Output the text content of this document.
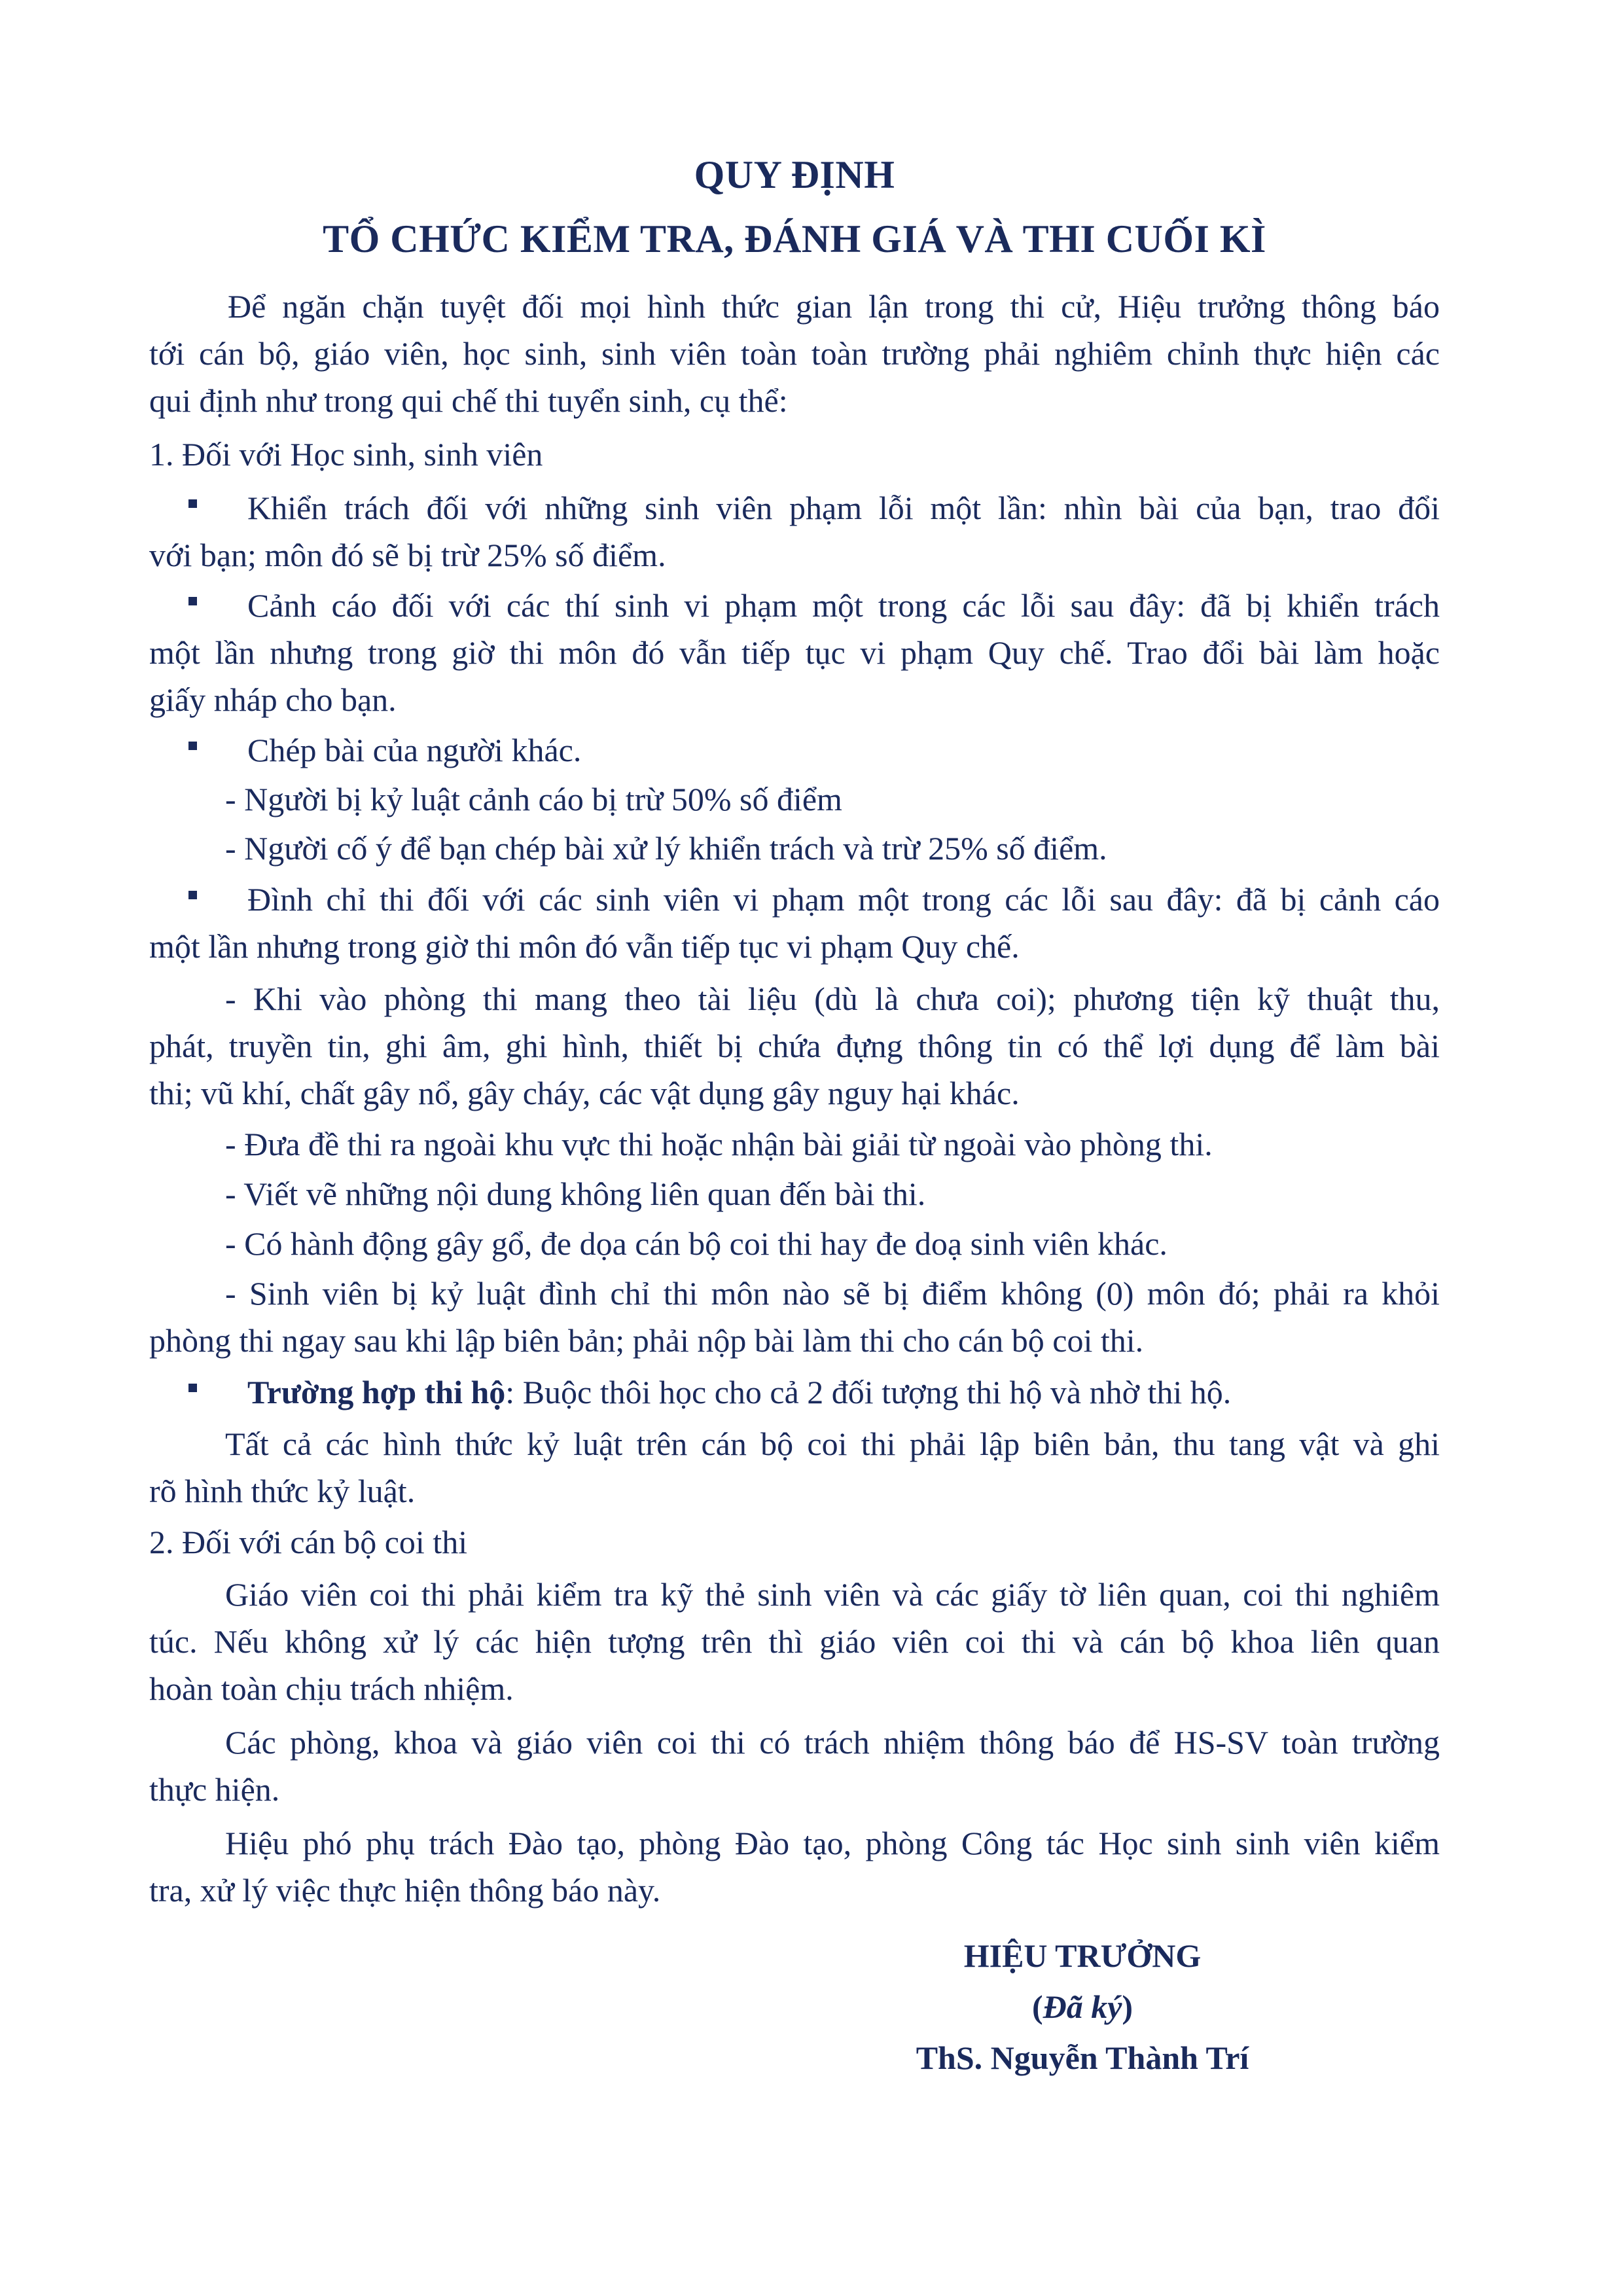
QUY ĐỊNH
TỔ CHỨC KIỂM TRA, ĐÁNH GIÁ VÀ THI CUỐI KÌ
Để ngăn chặn tuyệt đối mọi hình thức gian lận trong thi cử, Hiệu trưởng thông báo
tới cán bộ, giáo viên, học sinh, sinh viên toàn toàn trường phải nghiêm chỉnh thực hiện các
qui định như trong qui chế thi tuyển sinh, cụ thể:
1. Đối với Học sinh, sinh viên
Khiển trách đối với những sinh viên phạm lỗi một lần: nhìn bài của bạn, trao đổi
với bạn; môn đó sẽ bị trừ 25% số điểm.
Cảnh cáo đối với các thí sinh vi phạm một trong các lỗi sau đây: đã bị khiển trách
một lần nhưng trong giờ thi môn đó vẫn tiếp tục vi phạm Quy chế. Trao đổi bài làm hoặc
giấy nháp cho bạn.
Chép bài của người khác.
- Người bị kỷ luật cảnh cáo bị trừ 50% số điểm
- Người cố ý để bạn chép bài xử lý khiển trách và trừ 25% số điểm.
Đình chỉ thi đối với các sinh viên vi phạm một trong các lỗi sau đây: đã bị cảnh cáo
một lần nhưng trong giờ thi môn đó vẫn tiếp tục vi phạm Quy chế.
- Khi vào phòng thi mang theo tài liệu (dù là chưa coi); phương tiện kỹ thuật thu,
phát, truyền tin, ghi âm, ghi hình, thiết bị chứa đựng thông tin có thể lợi dụng để làm bài
thi; vũ khí, chất gây nổ, gây cháy, các vật dụng gây nguy hại khác.
- Đưa đề thi ra ngoài khu vực thi hoặc nhận bài giải từ ngoài vào phòng thi.
- Viết vẽ những nội dung không liên quan đến bài thi.
- Có hành động gây gổ, đe dọa cán bộ coi thi hay đe doạ sinh viên khác.
- Sinh viên bị kỷ luật đình chỉ thi môn nào sẽ bị điểm không (0) môn đó; phải ra khỏi
phòng thi ngay sau khi lập biên bản; phải nộp bài làm thi cho cán bộ coi thi.
Trường hợp thi hộ: Buộc thôi học cho cả 2 đối tượng thi hộ và nhờ thi hộ.
Tất cả các hình thức kỷ luật trên cán bộ coi thi phải lập biên bản, thu tang vật và ghi
rõ hình thức kỷ luật.
2. Đối với cán bộ coi thi
Giáo viên coi thi phải kiểm tra kỹ thẻ sinh viên và các giấy tờ liên quan, coi thi nghiêm
túc. Nếu không xử lý các hiện tượng trên thì giáo viên coi thi và cán bộ khoa liên quan
hoàn toàn chịu trách nhiệm.
Các phòng, khoa và giáo viên coi thi có trách nhiệm thông báo để HS-SV toàn trường
thực hiện.
Hiệu phó phụ trách Đào tạo, phòng Đào tạo, phòng Công tác Học sinh sinh viên kiểm
tra, xử lý việc thực hiện thông báo này.
HIỆU TRƯỞNG
(Đã ký)
ThS. Nguyễn Thành Trí
